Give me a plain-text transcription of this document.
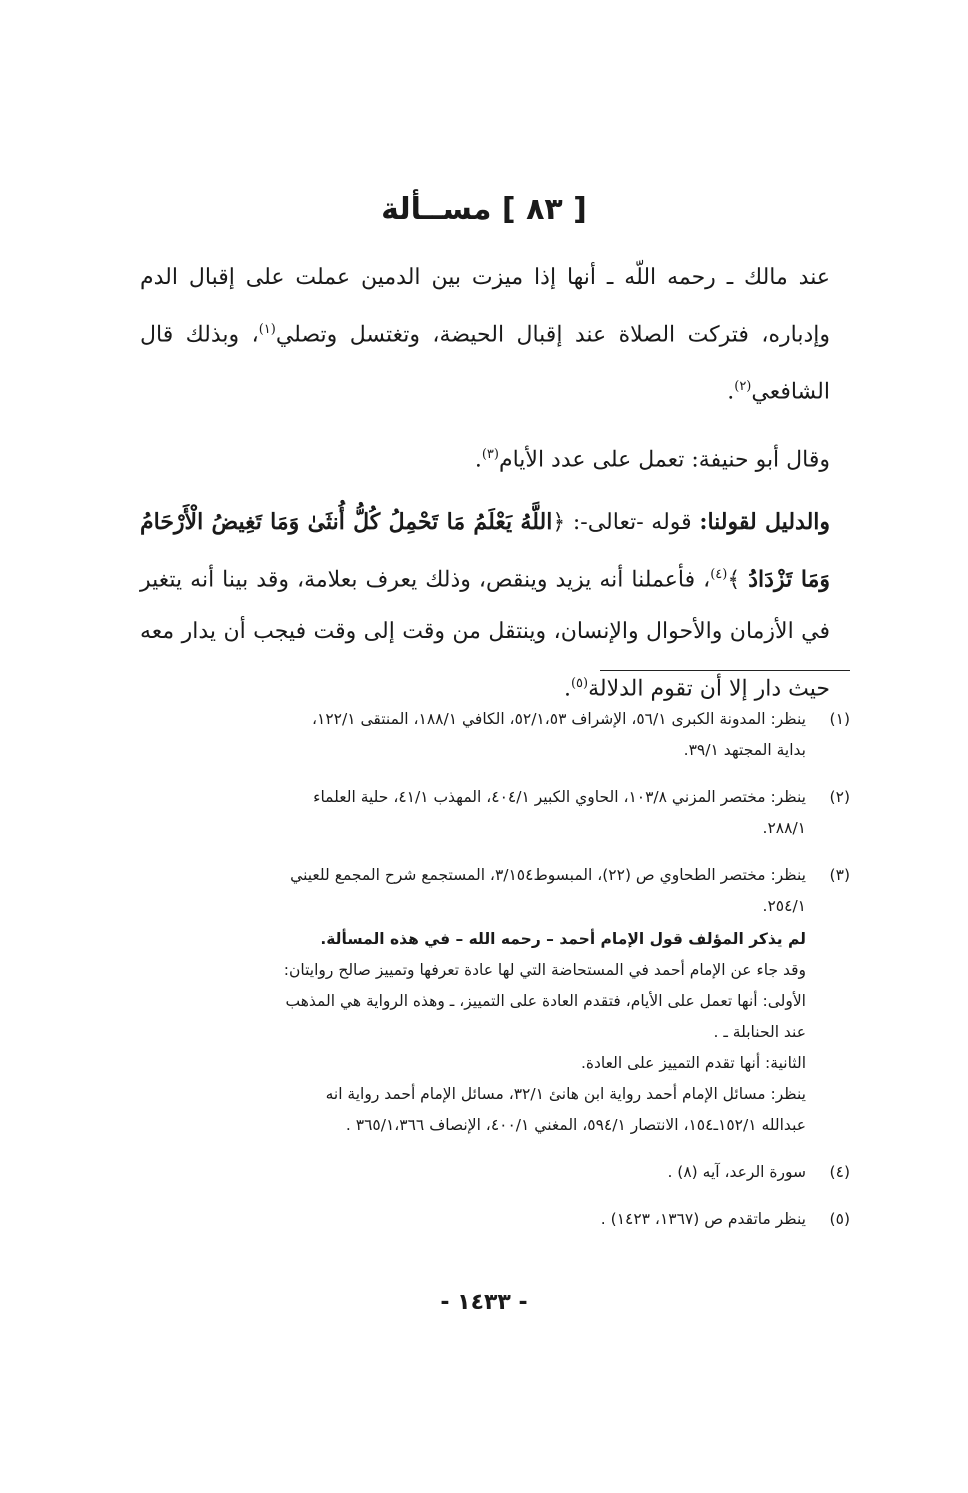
[ ٨٣ ] مســألة

عند مالك ـ رحمه اللّه ـ أنها إذا ميزت بين الدمين عملت على إقبال الدم وإدباره، فتركت الصلاة عند إقبال الحيضة، وتغتسل وتصلي$^{(١)}$، وبذلك قال الشافعي$^{(٢)}$.

وقال أبو حنيفة: تعمل على عدد الأيام$^{(٣)}$.

والدليل لقولنا: قوله -تعالى-: ﴿اللَّهُ يَعْلَمُ مَا تَحْمِلُ كُلُّ أُنثَىٰ وَمَا تَغِيضُ الْأَرْحَامُ وَمَا تَزْدَادُ ﴾$^{(٤)}$، فأعملنا أنه يزيد وينقص، وذلك يعرف بعلامة، وقد بينا أنه يتغير في الأزمان والأحوال والإنسان، وينتقل من وقت إلى وقت فيجب أن يدار معه حيث دار إلا أن تقوم الدلالة$^{(٥)}$.

(١)
ينظر: المدونة الكبرى ٥٦/١، الإشراف ٥٢/١،٥٣، الكافي ١٨٨/١، المنتقى ١٢٢/١،
بداية المجتهد ٣٩/١.
(٢)
ينظر: مختصر المزني ١٠٣/٨، الحاوي الكبير ٤٠٤/١، المهذب ٤١/١، حلية العلماء
٢٨٨/١.
(٣)
ينظر: مختصر الطحاوي ص (٢٢)، المبسوط٣/١٥٤، المستجمع شرح المجمع للعيني
٢٥٤/١.
لم يذكر المؤلف قول الإمام أحمد – رحمه الله – في هذه المسألة.
وقد جاء عن الإمام أحمد في المستحاضة التي لها عادة تعرفها وتمييز صالح روايتان:
الأولى: أنها تعمل على الأيام، فتقدم العادة على التمييز، ـ وهذه الرواية هي المذهب
عند الحنابلة ـ .
الثانية: أنها تقدم التمييز على العادة.
ينظر: مسائل الإمام أحمد رواية ابن هانئ ٣٢/١، مسائل الإمام أحمد رواية انه
عبدالله ١٥٢/١ـ١٥٤، الانتصار ٥٩٤/١، المغني ٤٠٠/١، الإنصاف ٣٦٥/١،٣٦٦ .
(٤)
سورة الرعد، آيه (٨) .
(٥)
ينظر ماتقدم ص (١٣٦٧، ١٤٢٣) .
- ١٤٣٣ -
